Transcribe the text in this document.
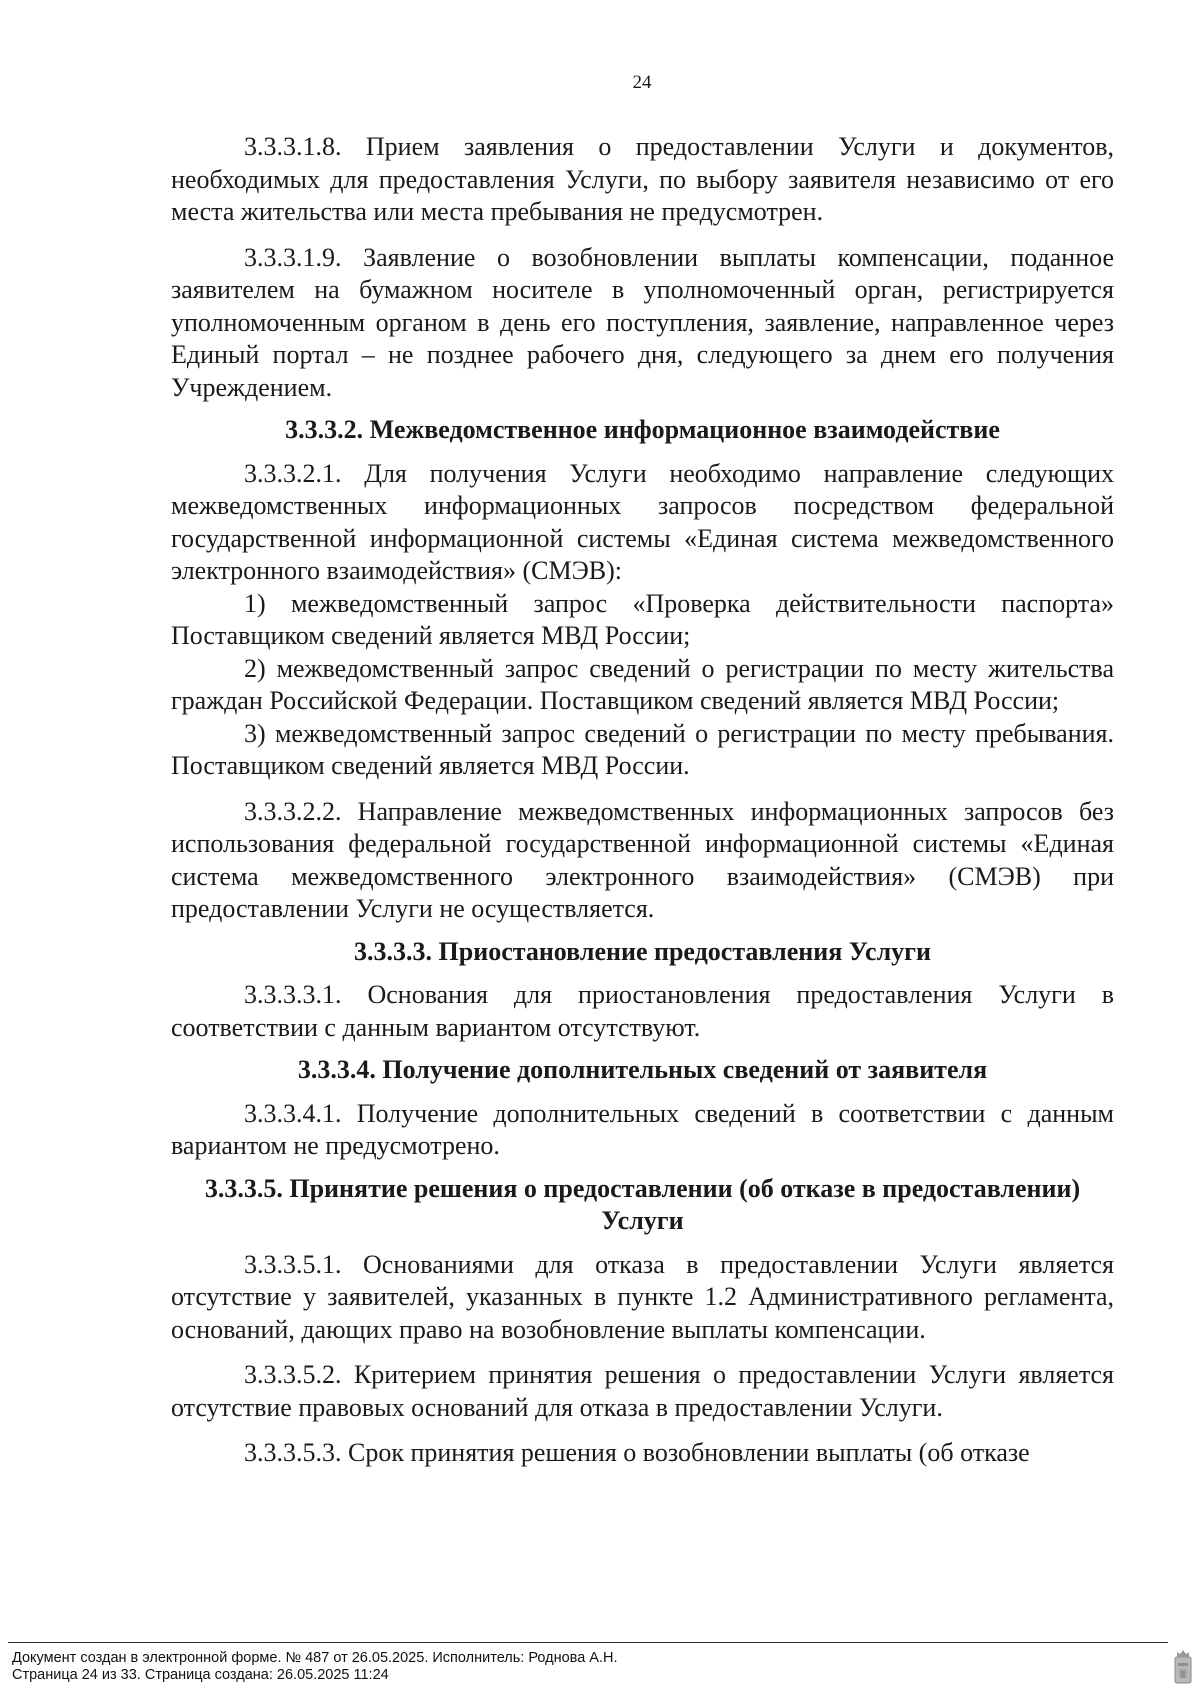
24

3.3.3.1.8. Прием заявления о предоставлении Услуги и документов, необходимых для предоставления Услуги, по выбору заявителя независимо от его места жительства или места пребывания не предусмотрен.

3.3.3.1.9. Заявление о возобновлении выплаты компенсации, поданное заявителем на бумажном носителе в уполномоченный орган, регистрируется уполномоченным органом в день его поступления, заявление, направленное через Единый портал – не позднее рабочего дня, следующего за днем его получения Учреждением.

3.3.3.2. Межведомственное информационное взаимодействие

3.3.3.2.1. Для получения Услуги необходимо направление следующих межведомственных информационных запросов посредством федеральной государственной информационной системы «Единая система межведомственного электронного взаимодействия» (СМЭВ):

1) межведомственный запрос «Проверка действительности паспорта» Поставщиком сведений является МВД России;

2) межведомственный запрос сведений о регистрации по месту жительства граждан Российской Федерации. Поставщиком сведений является МВД России;

3) межведомственный запрос сведений о регистрации по месту пребывания. Поставщиком сведений является МВД России.

3.3.3.2.2. Направление межведомственных информационных запросов без использования федеральной государственной информационной системы «Единая система межведомственного электронного взаимодействия» (СМЭВ) при предоставлении Услуги не осуществляется.

3.3.3.3. Приостановление предоставления Услуги

3.3.3.3.1. Основания для приостановления предоставления Услуги в соответствии с данным вариантом отсутствуют.

3.3.3.4. Получение дополнительных сведений от заявителя

3.3.3.4.1. Получение дополнительных сведений в соответствии с данным вариантом не предусмотрено.

3.3.3.5. Принятие решения о предоставлении (об отказе в предоставлении) Услуги

3.3.3.5.1. Основаниями для отказа в предоставлении Услуги является отсутствие у заявителей, указанных в пункте 1.2 Административного регламента, оснований, дающих право на возобновление выплаты компенсации.

3.3.3.5.2. Критерием принятия решения о предоставлении Услуги является отсутствие правовых оснований для отказа в предоставлении Услуги.

3.3.3.5.3. Срок принятия решения о возобновлении выплаты (об отказе

Документ создан в электронной форме. № 487 от 26.05.2025. Исполнитель: Роднова А.Н.
Страница 24 из 33. Страница создана: 26.05.2025 11:24
